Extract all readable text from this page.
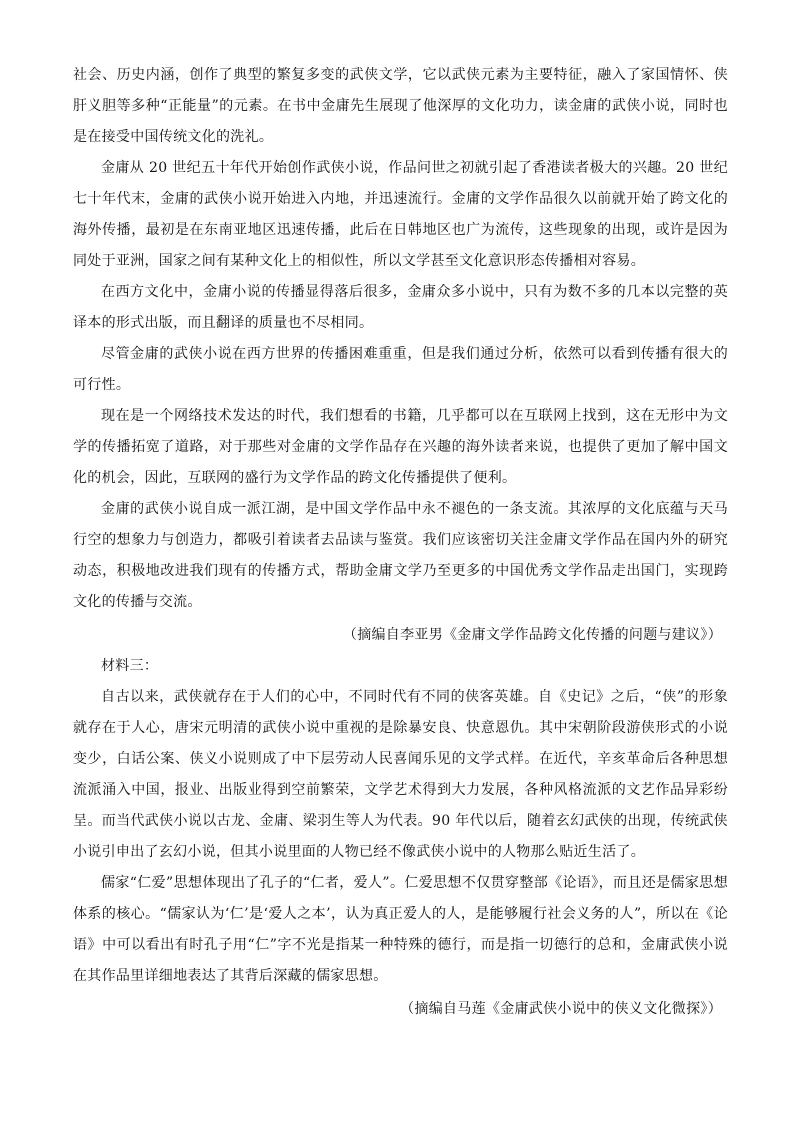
社会、历史内涵，创作了典型的繁复多变的武侠文学，它以武侠元素为主要特征，融入了家国情怀、侠肝义胆等多种“正能量”的元素。在书中金庸先生展现了他深厚的文化功力，读金庸的武侠小说，同时也是在接受中国传统文化的洗礼。

金庸从 20 世纪五十年代开始创作武侠小说，作品问世之初就引起了香港读者极大的兴趣。20 世纪七十年代末，金庸的武侠小说开始进入内地，并迅速流行。金庸的文学作品很久以前就开始了跨文化的海外传播，最初是在东南亚地区迅速传播，此后在日韩地区也广为流传，这些现象的出现，或许是因为同处于亚洲，国家之间有某种文化上的相似性，所以文学甚至文化意识形态传播相对容易。

在西方文化中，金庸小说的传播显得落后很多，金庸众多小说中，只有为数不多的几本以完整的英译本的形式出版，而且翻译的质量也不尽相同。

尽管金庸的武侠小说在西方世界的传播困难重重，但是我们通过分析，依然可以看到传播有很大的可行性。

现在是一个网络技术发达的时代，我们想看的书籍，几乎都可以在互联网上找到，这在无形中为文学的传播拓宽了道路，对于那些对金庸的文学作品存在兴趣的海外读者来说，也提供了更加了解中国文化的机会，因此，互联网的盛行为文学作品的跨文化传播提供了便利。

金庸的武侠小说自成一派江湖，是中国文学作品中永不褪色的一条支流。其浓厚的文化底蕴与天马行空的想象力与创造力，都吸引着读者去品读与鉴赏。我们应该密切关注金庸文学作品在国内外的研究动态，积极地改进我们现有的传播方式，帮助金庸文学乃至更多的中国优秀文学作品走出国门，实现跨文化的传播与交流。

（摘编自李亚男《金庸文学作品跨文化传播的问题与建议》）

材料三：

自古以来，武侠就存在于人们的心中，不同时代有不同的侠客英雄。自《史记》之后，“侠”的形象就存在于人心，唐宋元明清的武侠小说中重视的是除暴安良、快意恩仇。其中宋朝阶段游侠形式的小说变少，白话公案、侠义小说则成了中下层劳动人民喜闻乐见的文学式样。在近代，辛亥革命后各种思想流派涌入中国，报业、出版业得到空前繁荣，文学艺术得到大力发展，各种风格流派的文艺作品异彩纷呈。而当代武侠小说以古龙、金庸、梁羽生等人为代表。90 年代以后，随着玄幻武侠的出现，传统武侠小说引申出了玄幻小说，但其小说里面的人物已经不像武侠小说中的人物那么贴近生活了。

儒家“仁爱”思想体现出了孔子的“仁者，爱人”。仁爱思想不仅贯穿整部《论语》，而且还是儒家思想体系的核心。“儒家认为‘仁’是‘爱人之本’，认为真正爱人的人，是能够履行社会义务的人”，所以在《论语》中可以看出有时孔子用“仁”字不光是指某一种特殊的德行，而是指一切德行的总和，金庸武侠小说在其作品里详细地表达了其背后深藏的儒家思想。

（摘编自马莲《金庸武侠小说中的侠义文化微探》）
